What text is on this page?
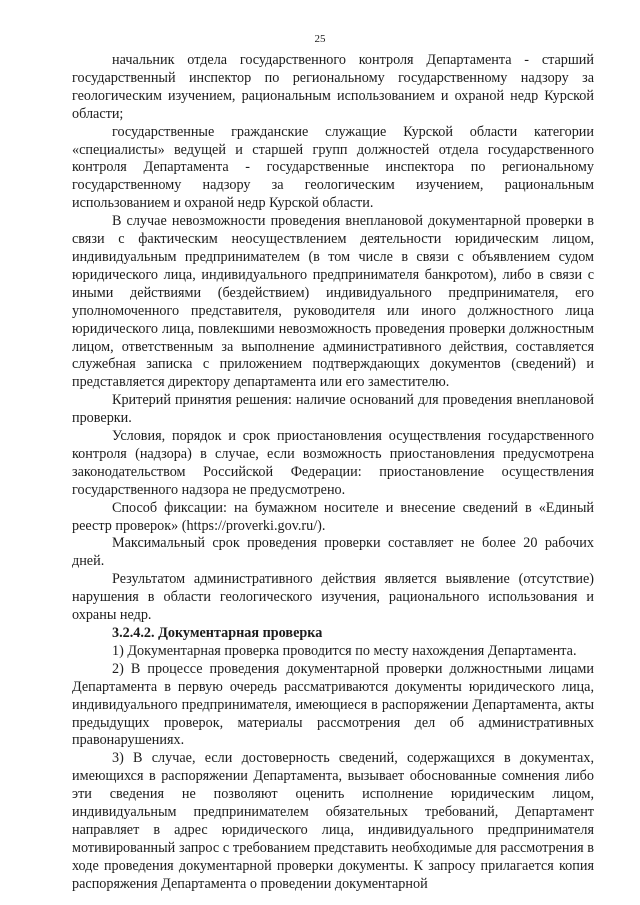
25

начальник отдела государственного контроля Департамента - старший государственный инспектор по региональному государственному надзору за геологическим изучением, рациональным использованием и охраной недр Курской области;

государственные гражданские служащие Курской области категории «специалисты» ведущей и старшей групп должностей отдела государственного контроля Департамента - государственные инспектора по региональному государственному надзору за геологическим изучением, рациональным использованием и охраной недр Курской области.

В случае невозможности проведения внеплановой документарной проверки в связи с фактическим неосуществлением деятельности юридическим лицом, индивидуальным предпринимателем (в том числе в связи с объявлением судом юридического лица, индивидуального предпринимателя банкротом), либо в связи с иными действиями (бездействием) индивидуального предпринимателя, его уполномоченного представителя, руководителя или иного должностного лица юридического лица, повлекшими невозможность проведения проверки должностным лицом, ответственным за выполнение административного действия, составляется служебная записка с приложением подтверждающих документов (сведений) и представляется директору департамента или его заместителю.

Критерий принятия решения: наличие оснований для проведения внеплановой проверки.

Условия, порядок и срок приостановления осуществления государственного контроля (надзора) в случае, если возможность приостановления предусмотрена законодательством Российской Федерации: приостановление осуществления государственного надзора не предусмотрено.

Способ фиксации: на бумажном носителе и внесение сведений в «Единый реестр проверок» (https://proverki.gov.ru/).

Максимальный срок проведения проверки составляет не более 20 рабочих дней.

Результатом административного действия является выявление (отсутствие) нарушения в области геологического изучения, рационального использования и охраны недр.

3.2.4.2. Документарная проверка

1) Документарная проверка проводится по месту нахождения Департамента.

2) В процессе проведения документарной проверки должностными лицами Департамента в первую очередь рассматриваются документы юридического лица, индивидуального предпринимателя, имеющиеся в распоряжении Департамента, акты предыдущих проверок, материалы рассмотрения дел об административных правонарушениях.

3) В случае, если достоверность сведений, содержащихся в документах, имеющихся в распоряжении Департамента, вызывает обоснованные сомнения либо эти сведения не позволяют оценить исполнение юридическим лицом, индивидуальным предпринимателем обязательных требований, Департамент направляет в адрес юридического лица, индивидуального предпринимателя мотивированный запрос с требованием представить необходимые для рассмотрения в ходе проведения документарной проверки документы. К запросу прилагается копия распоряжения Департамента о проведении документарной
